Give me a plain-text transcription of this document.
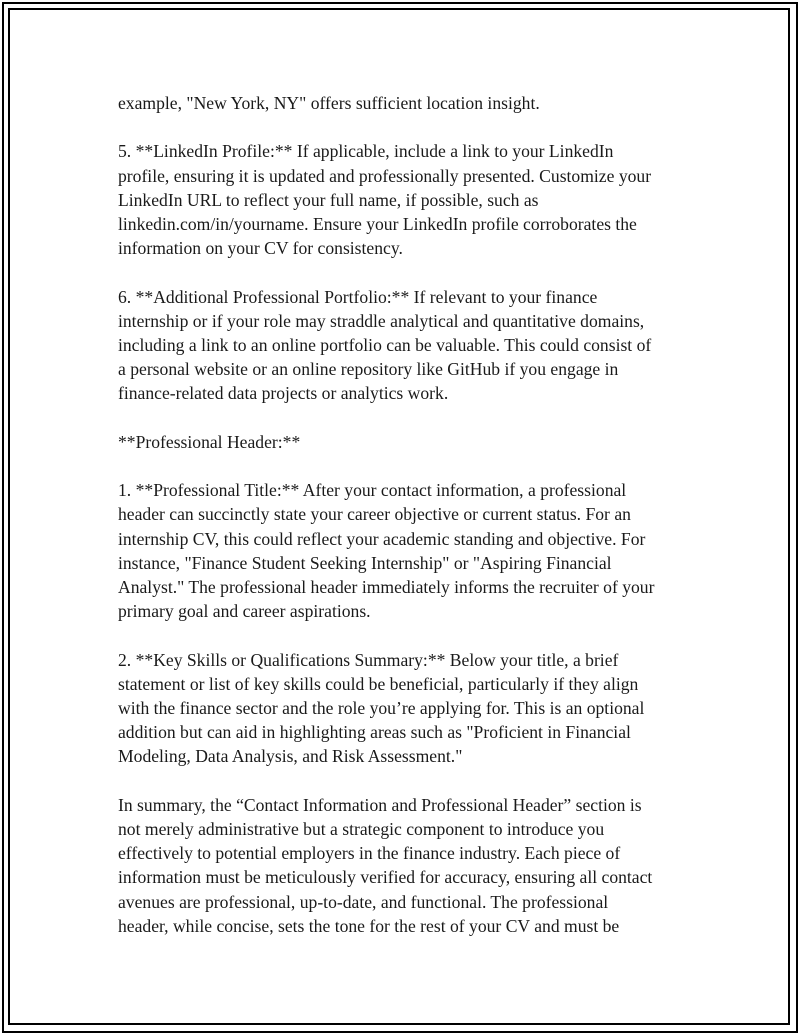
example, "New York, NY" offers sufficient location insight.

5. **LinkedIn Profile:** If applicable, include a link to your LinkedIn
profile, ensuring it is updated and professionally presented. Customize your
LinkedIn URL to reflect your full name, if possible, such as
linkedin.com/in/yourname. Ensure your LinkedIn profile corroborates the
information on your CV for consistency.

6. **Additional Professional Portfolio:** If relevant to your finance
internship or if your role may straddle analytical and quantitative domains,
including a link to an online portfolio can be valuable. This could consist of
a personal website or an online repository like GitHub if you engage in
finance-related data projects or analytics work.

**Professional Header:**

1. **Professional Title:** After your contact information, a professional
header can succinctly state your career objective or current status. For an
internship CV, this could reflect your academic standing and objective. For
instance, "Finance Student Seeking Internship" or "Aspiring Financial
Analyst." The professional header immediately informs the recruiter of your
primary goal and career aspirations.

2. **Key Skills or Qualifications Summary:** Below your title, a brief
statement or list of key skills could be beneficial, particularly if they align
with the finance sector and the role you’re applying for. This is an optional
addition but can aid in highlighting areas such as "Proficient in Financial
Modeling, Data Analysis, and Risk Assessment."

In summary, the “Contact Information and Professional Header” section is
not merely administrative but a strategic component to introduce you
effectively to potential employers in the finance industry. Each piece of
information must be meticulously verified for accuracy, ensuring all contact
avenues are professional, up-to-date, and functional. The professional
header, while concise, sets the tone for the rest of your CV and must be
